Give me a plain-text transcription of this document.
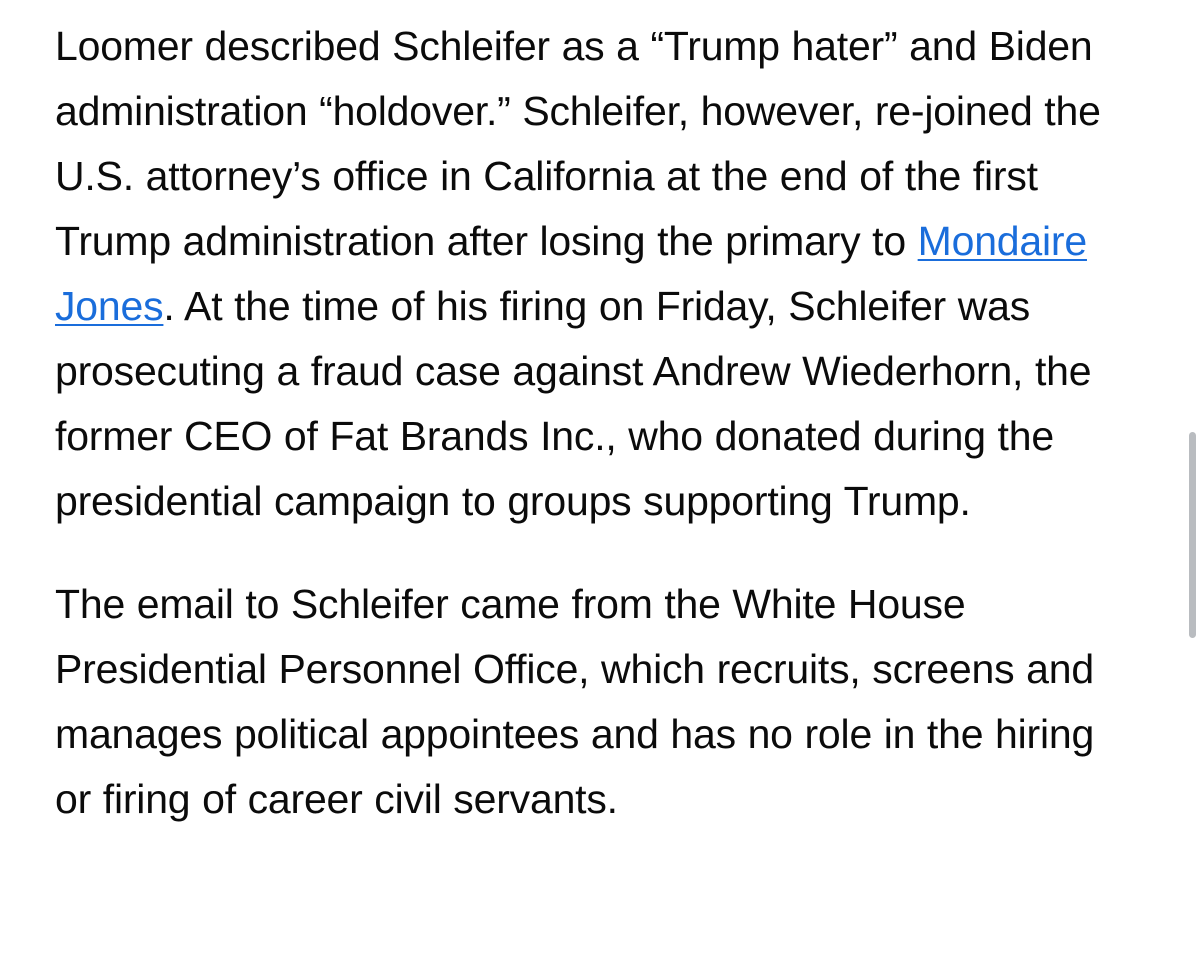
Loomer described Schleifer as a “Trump hater” and Biden administration “holdover.” Schleifer, however, re-joined the U.S. attorney’s office in California at the end of the first Trump administration after losing the primary to Mondaire Jones. At the time of his firing on Friday, Schleifer was prosecuting a fraud case against Andrew Wiederhorn, the former CEO of Fat Brands Inc., who donated during the presidential campaign to groups supporting Trump.

The email to Schleifer came from the White House Presidential Personnel Office, which recruits, screens and manages political appointees and has no role in the hiring or firing of career civil servants.
